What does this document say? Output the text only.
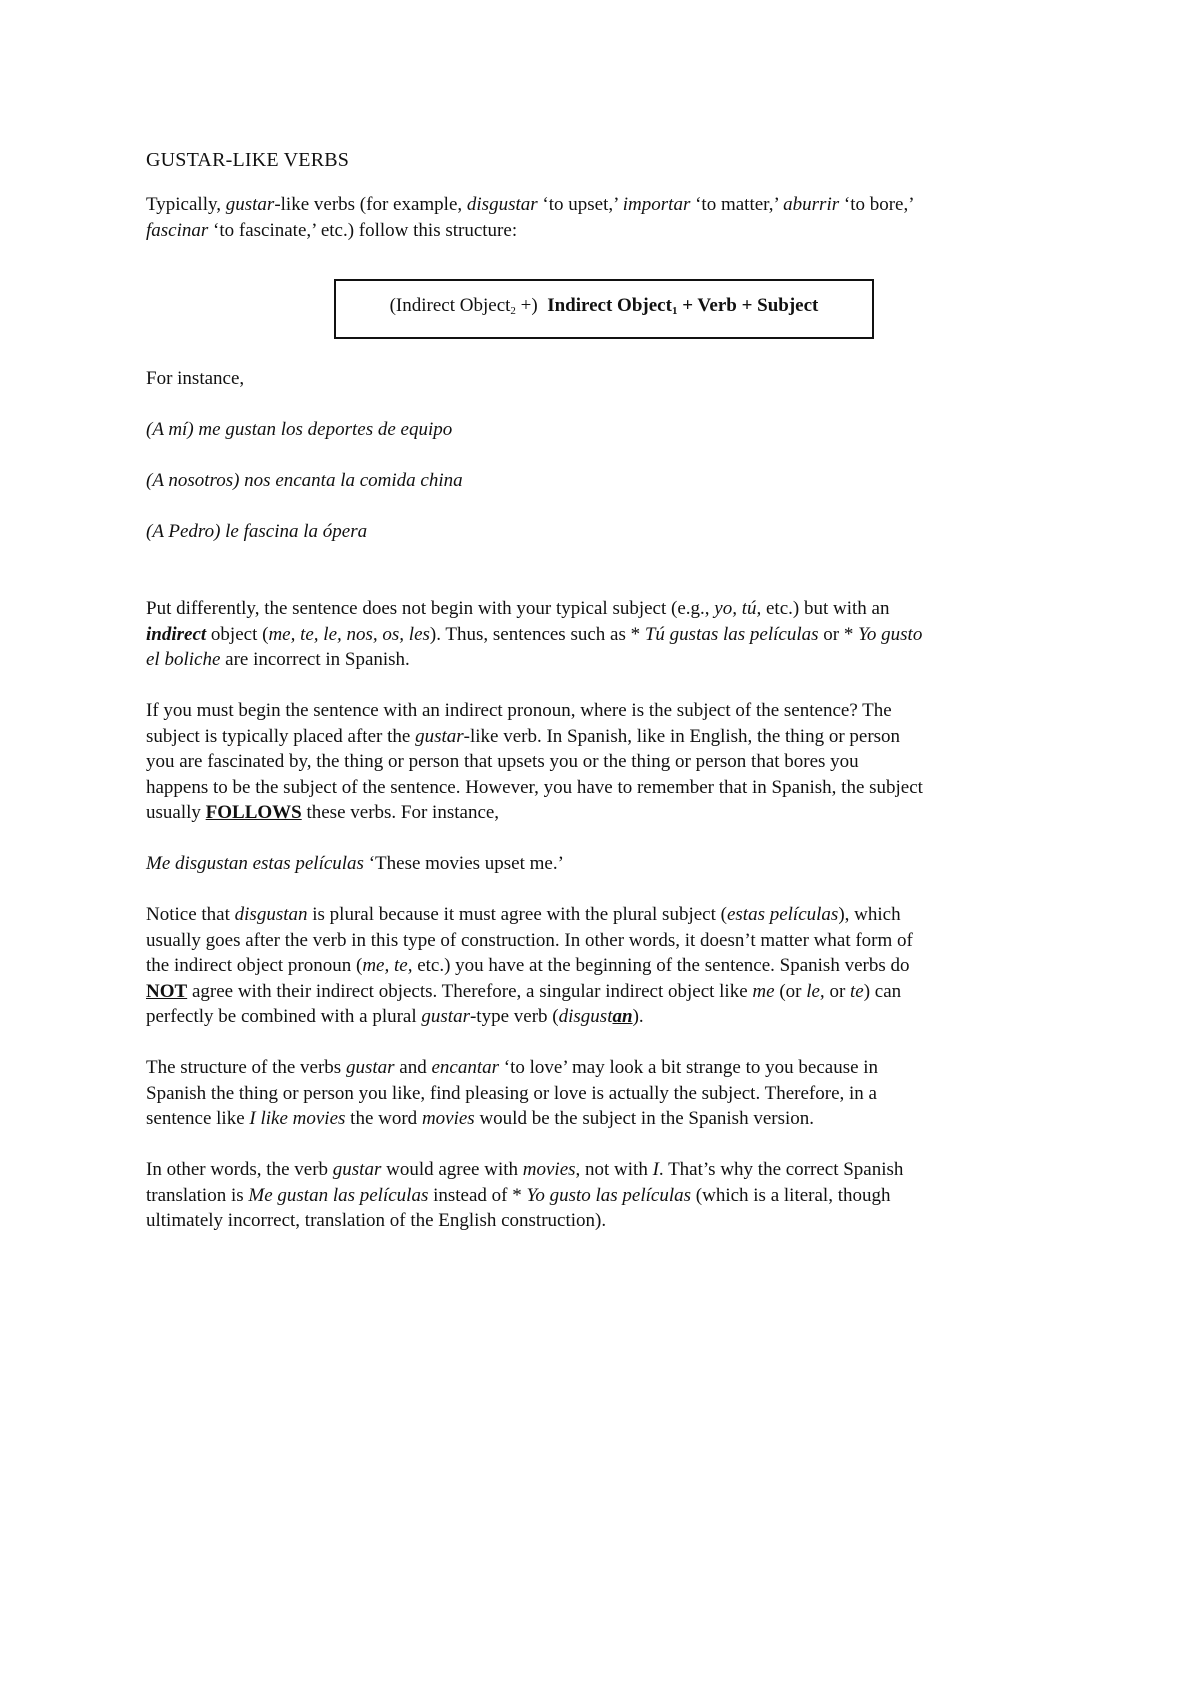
GUSTAR-LIKE VERBS

Typically, gustar-like verbs (for example, disgustar ‘to upset,’ importar ‘to matter,’ aburrir ‘to bore,’
fascinar ‘to fascinate,’ etc.) follow this structure:

(Indirect Object$_2$ +) Indirect Object$_1$ + Verb + Subject

For instance,

(A mí) me gustan los deportes de equipo

(A nosotros) nos encanta la comida china

(A Pedro) le fascina la ópera

Put differently, the sentence does not begin with your typical subject (e.g., yo, tú, etc.) but with an
indirect object (me, te, le, nos, os, les). Thus, sentences such as * Tú gustas las películas or * Yo gusto
el boliche are incorrect in Spanish.

If you must begin the sentence with an indirect pronoun, where is the subject of the sentence? The
subject is typically placed after the gustar-like verb. In Spanish, like in English, the thing or person
you are fascinated by, the thing or person that upsets you or the thing or person that bores you
happens to be the subject of the sentence. However, you have to remember that in Spanish, the subject
usually FOLLOWS these verbs. For instance,

Me disgustan estas películas ‘These movies upset me.’

Notice that disgustan is plural because it must agree with the plural subject (estas películas), which
usually goes after the verb in this type of construction. In other words, it doesn’t matter what form of
the indirect object pronoun (me, te, etc.) you have at the beginning of the sentence. Spanish verbs do
NOT agree with their indirect objects. Therefore, a singular indirect object like me (or le, or te) can
perfectly be combined with a plural gustar-type verb (disgustan).

The structure of the verbs gustar and encantar ‘to love’ may look a bit strange to you because in
Spanish the thing or person you like, find pleasing or love is actually the subject. Therefore, in a
sentence like I like movies the word movies would be the subject in the Spanish version.

In other words, the verb gustar would agree with movies, not with I. That’s why the correct Spanish
translation is Me gustan las películas instead of * Yo gusto las películas (which is a literal, though
ultimately incorrect, translation of the English construction).
